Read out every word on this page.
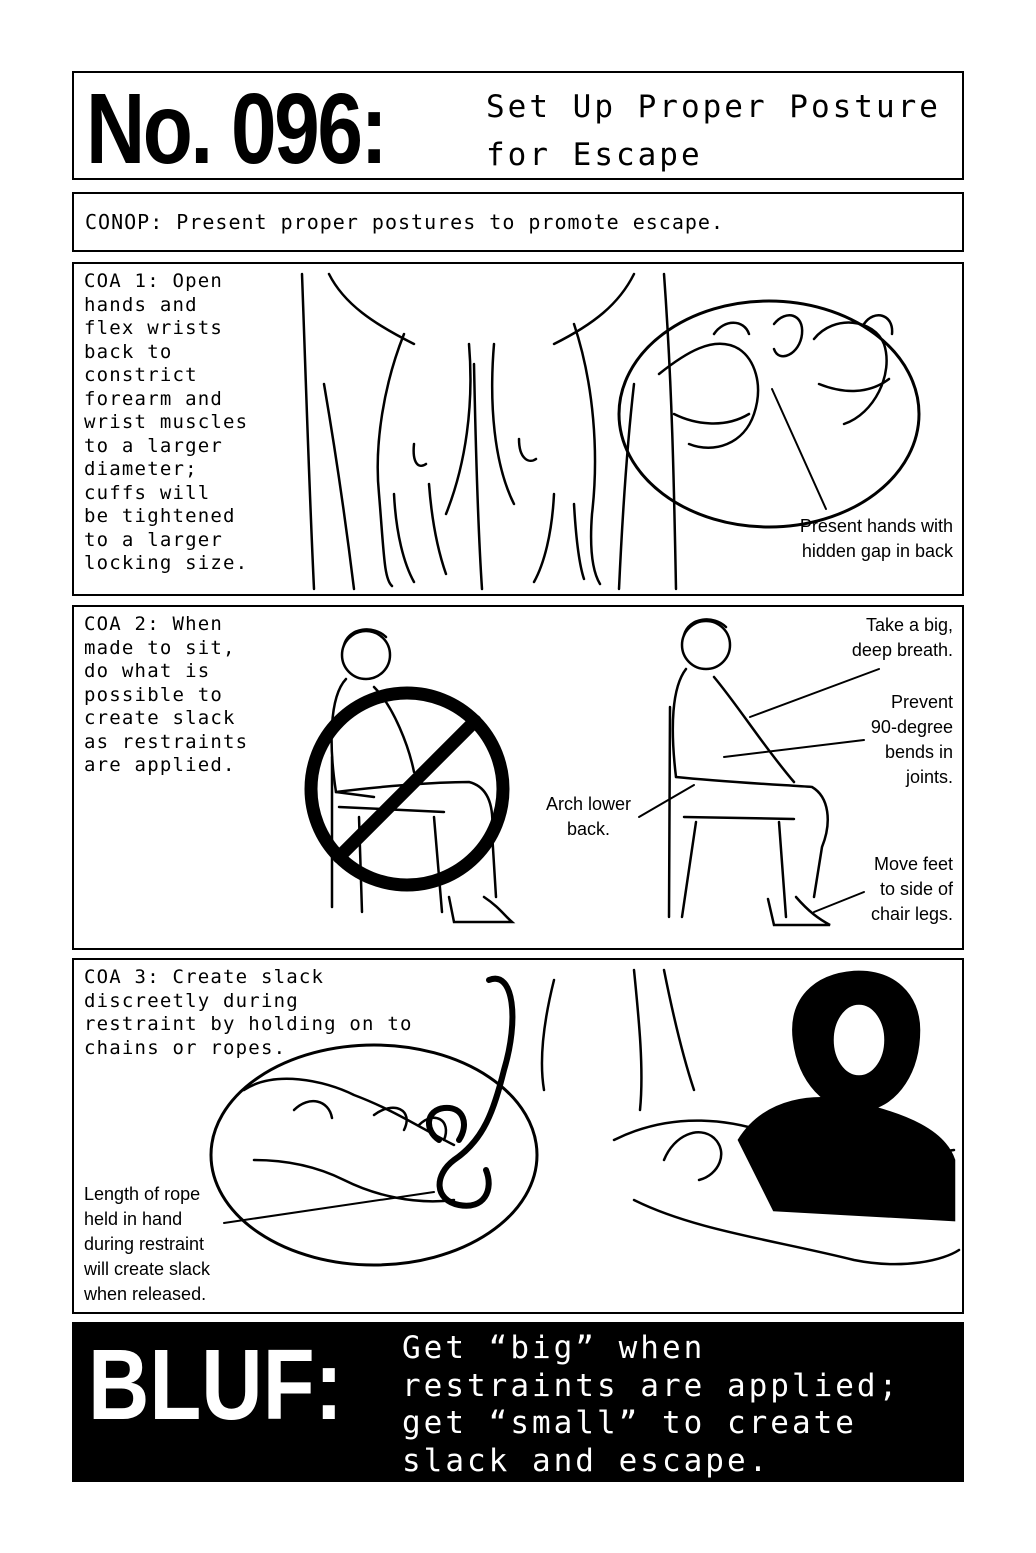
No. 096:	Set Up Proper Posture
for Escape
CONOP: Present proper postures to promote escape.
COA 1: Open
hands and
flex wrists
back to
constrict
forearm and
wrist muscles
to a larger
diameter;
cuffs will
be tightened
to a larger
locking size.
Present hands with
hidden gap in back
COA 2: When
made to sit,
do what is
possible to
create slack
as restraints
are applied.
Take a big,
deep breath.
Prevent
90-degree
bends in
joints.
Arch lower
back.
Move feet
to side of
chair legs.
COA 3: Create slack
discreetly during
restraint by holding on to
chains or ropes.
Length of rope
held in hand
during restraint
will create slack
when released.
BLUF: Get “big” when
restraints are applied;
get “small” to create
slack and escape.
